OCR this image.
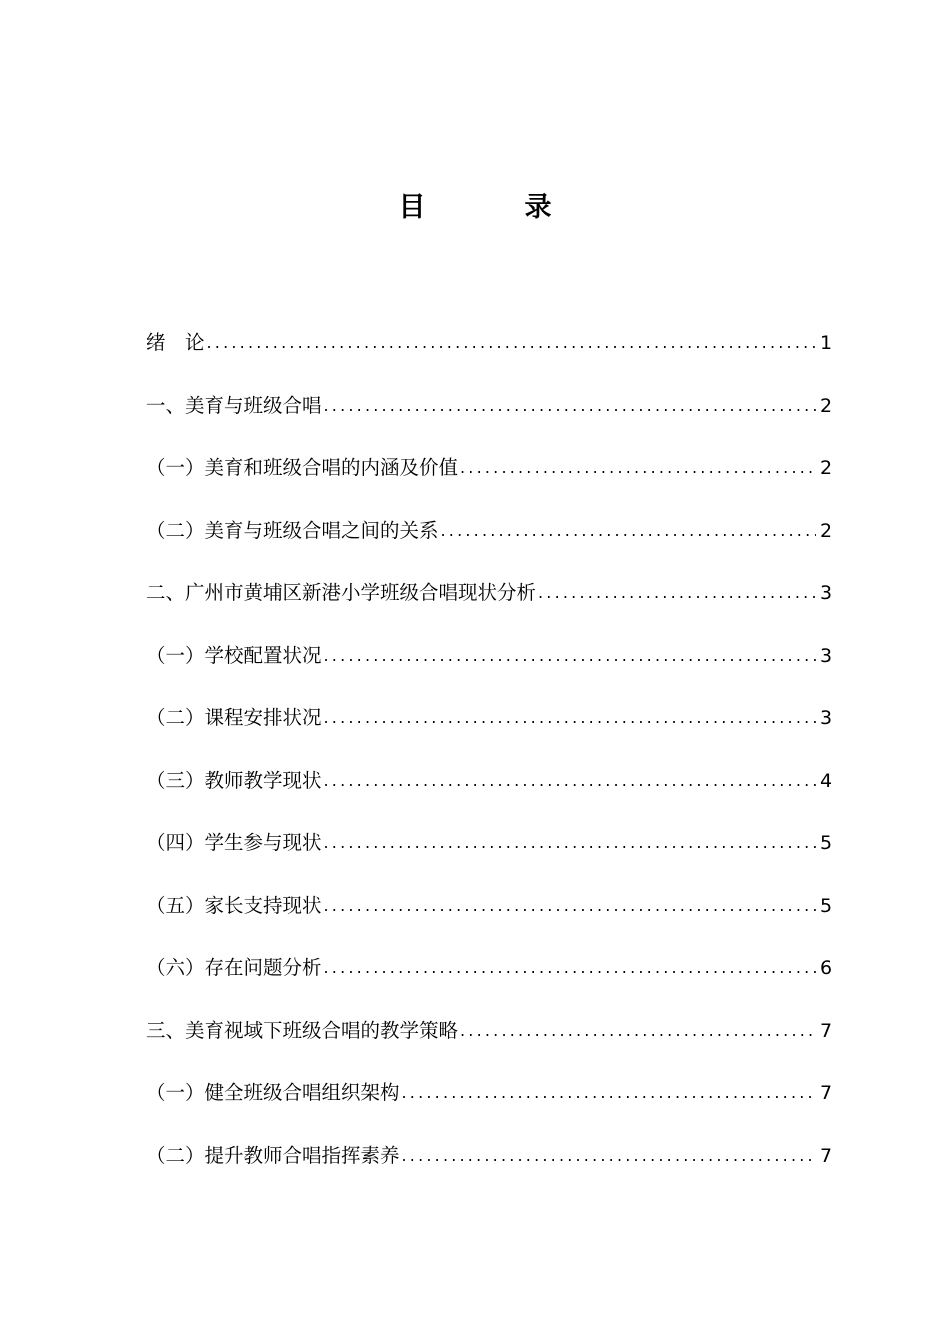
目　录
绪　论 .....	1
一、美育与班级合唱 .....	2
（一）美育和班级合唱的内涵及价值 .....	2
（二）美育与班级合唱之间的关系 .....	2
二、广州市黄埔区新港小学班级合唱现状分析 .....	3
（一）学校配置状况 .....	3
（二）课程安排状况 .....	3
（三）教师教学现状 .....	4
（四）学生参与现状 .....	5
（五）家长支持现状 .....	5
（六）存在问题分析 .....	6
三、美育视域下班级合唱的教学策略 .....	7
（一）健全班级合唱组织架构 .....	7
（二）提升教师合唱指挥素养 .....	7
